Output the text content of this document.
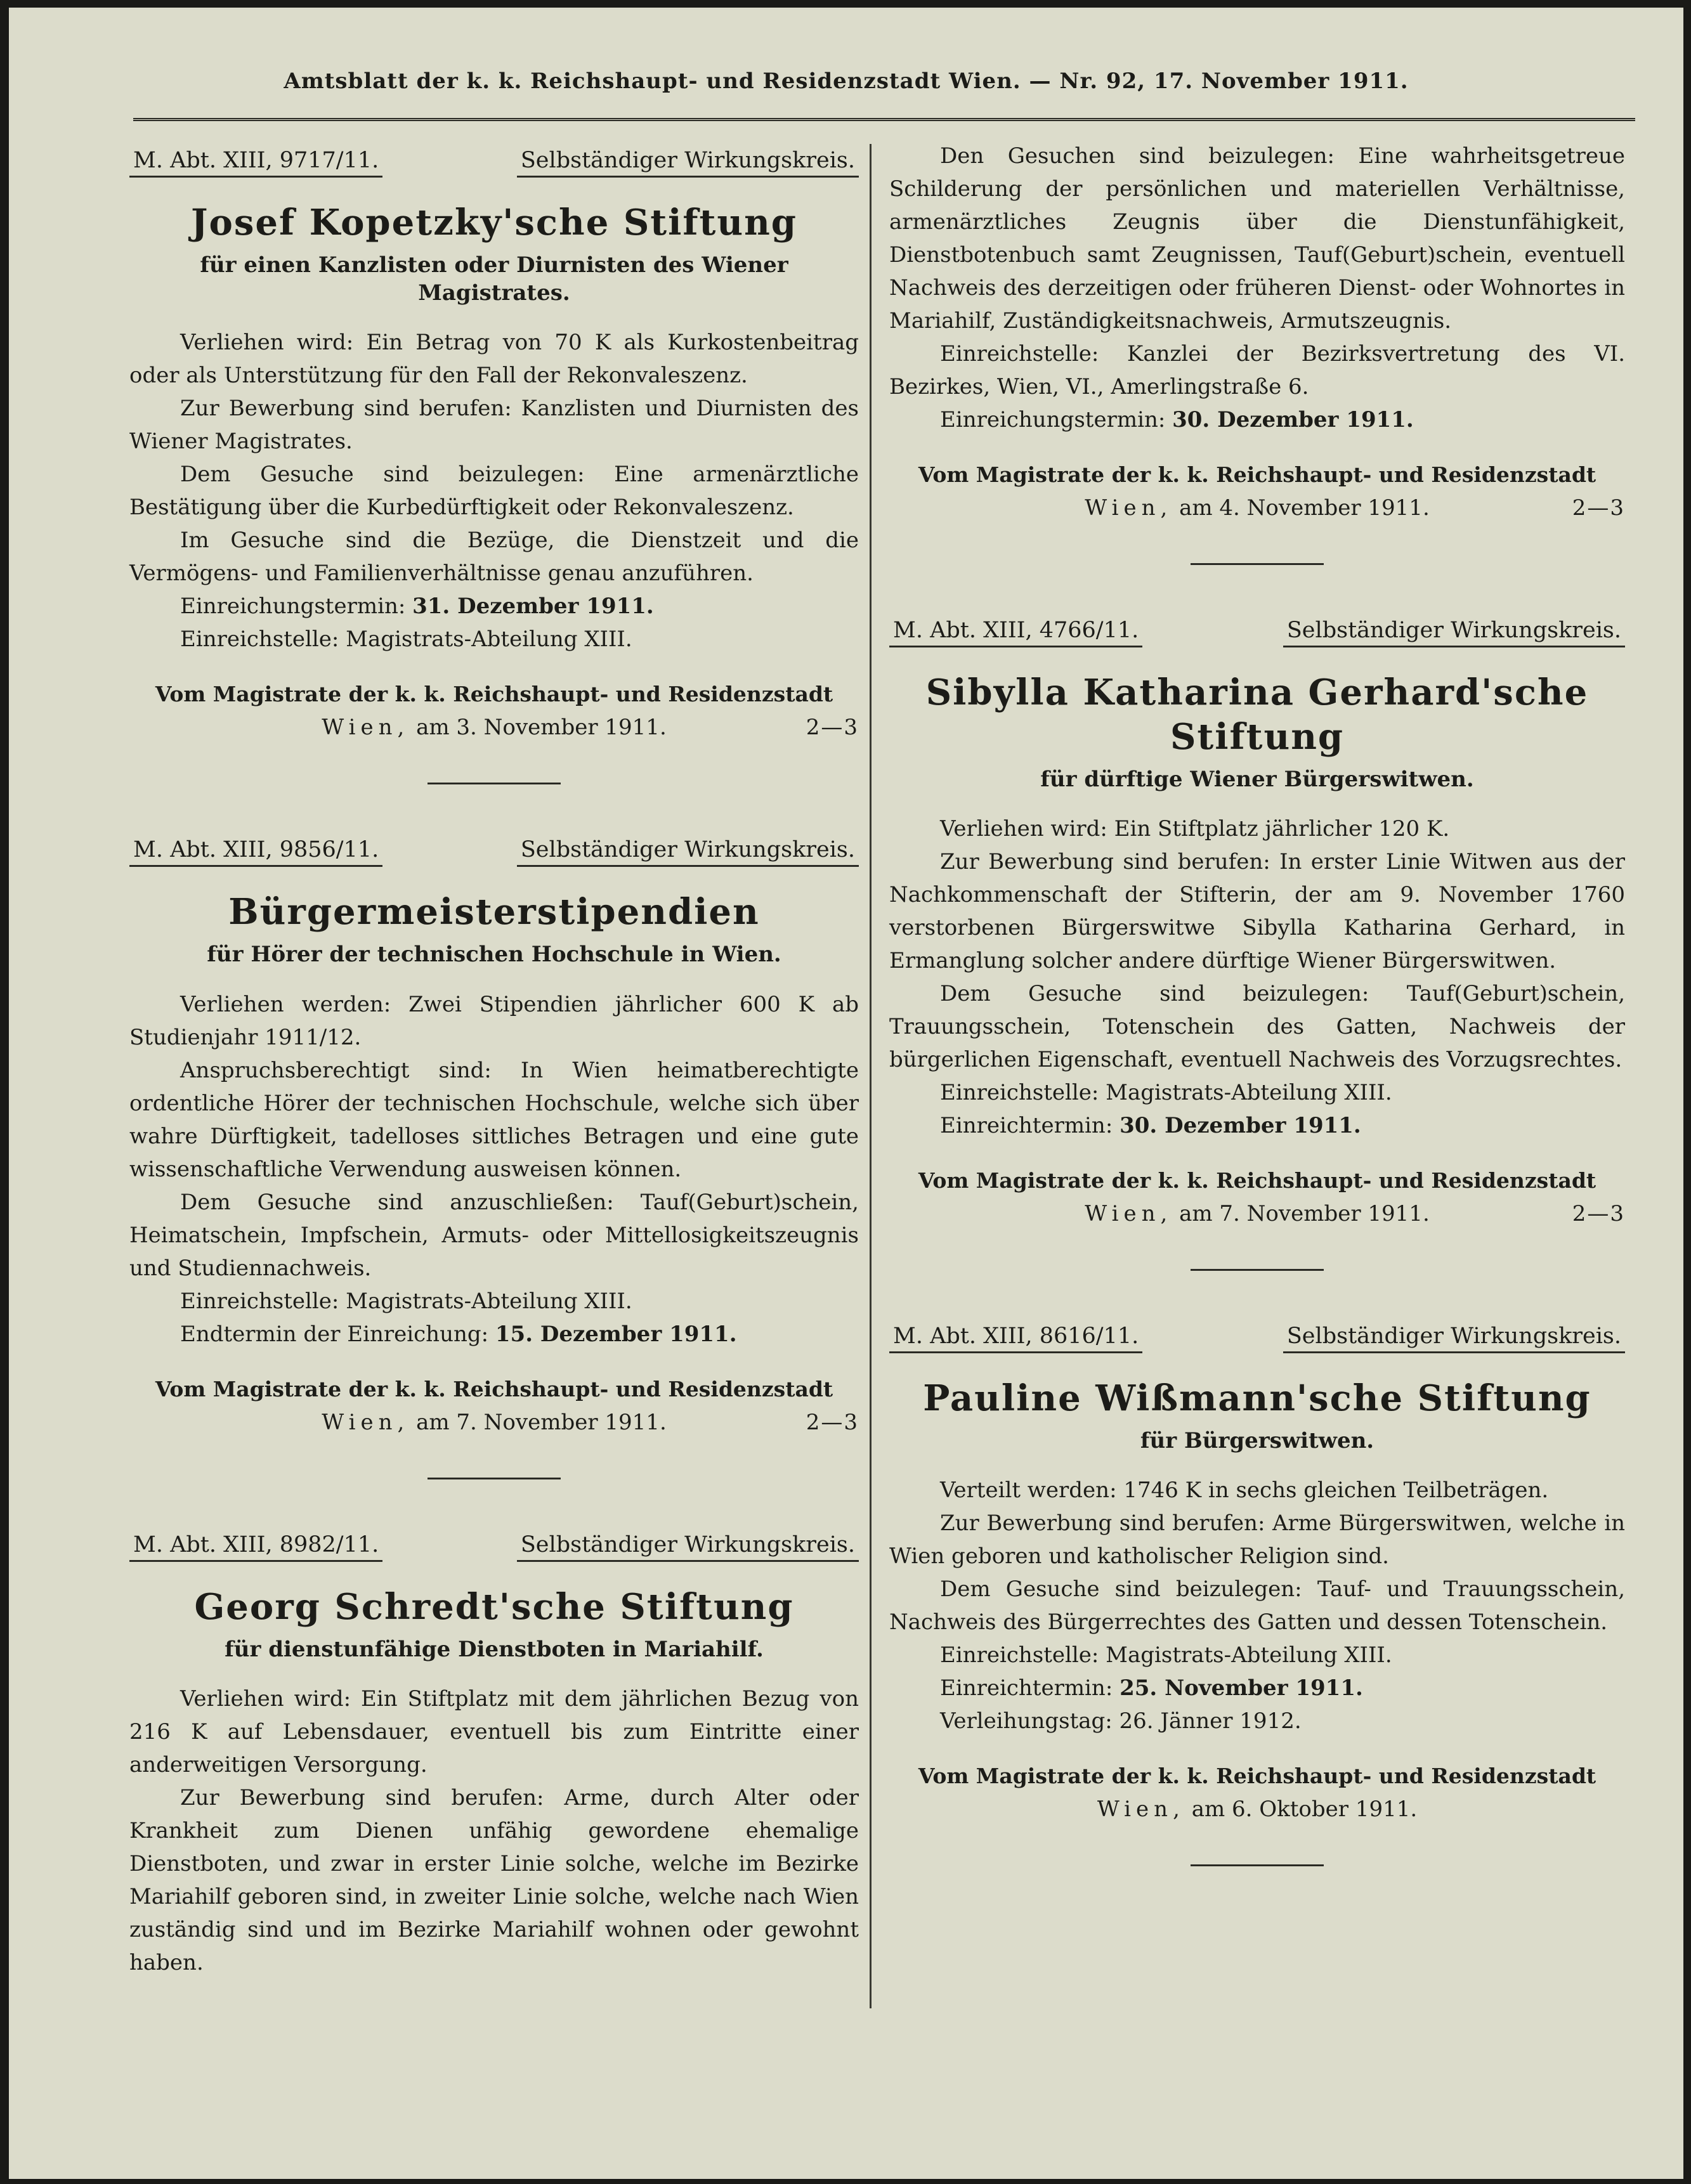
Amtsblatt der k. k. Reichshaupt- und Residenzstadt Wien. — Nr. 92, 17. November 1911.
M. Abt. XIII, 9717/11.	Selbständiger Wirkungskreis.
Josef Kopetzky'sche Stiftung
für einen Kanzlisten oder Diurnisten des Wiener Magistrates.

Verliehen wird: Ein Betrag von 70 K als Kurkostenbeitrag oder als Unterstützung für den Fall der Rekonvaleszenz.

Zur Bewerbung sind berufen: Kanzlisten und Diurnisten des Wiener Magistrates.

Dem Gesuche sind beizulegen: Eine armenärztliche Bestätigung über die Kurbedürftigkeit oder Rekonvaleszenz.

Im Gesuche sind die Bezüge, die Dienstzeit und die Vermögens- und Familienverhältnisse genau anzuführen.

Einreichungstermin: 31. Dezember 1911.

Einreichstelle: Magistrats-Abteilung XIII.

Vom Magistrate der k. k. Reichshaupt- und Residenzstadt
Wien, am 3. November 1911.	2—3
M. Abt. XIII, 9856/11.	Selbständiger Wirkungskreis.
Bürgermeisterstipendien
für Hörer der technischen Hochschule in Wien.

Verliehen werden: Zwei Stipendien jährlicher 600 K ab Studienjahr 1911/12.

Anspruchsberechtigt sind: In Wien heimatberechtigte ordentliche Hörer der technischen Hochschule, welche sich über wahre Dürftigkeit, tadelloses sittliches Betragen und eine gute wissenschaftliche Verwendung ausweisen können.

Dem Gesuche sind anzuschließen: Tauf(Geburt)schein, Heimatschein, Impfschein, Armuts- oder Mittellosigkeitszeugnis und Studiennachweis.

Einreichstelle: Magistrats-Abteilung XIII.

Endtermin der Einreichung: 15. Dezember 1911.

Vom Magistrate der k. k. Reichshaupt- und Residenzstadt
Wien, am 7. November 1911.	2—3
M. Abt. XIII, 8982/11.	Selbständiger Wirkungskreis.
Georg Schredt'sche Stiftung
für dienstunfähige Dienstboten in Mariahilf.

Verliehen wird: Ein Stiftplatz mit dem jährlichen Bezug von 216 K auf Lebensdauer, eventuell bis zum Eintritte einer anderweitigen Versorgung.

Zur Bewerbung sind berufen: Arme, durch Alter oder Krankheit zum Dienen unfähig gewordene ehemalige Dienstboten, und zwar in erster Linie solche, welche im Bezirke Mariahilf geboren sind, in zweiter Linie solche, welche nach Wien zuständig sind und im Bezirke Mariahilf wohnen oder gewohnt haben.

Den Gesuchen sind beizulegen: Eine wahrheitsgetreue Schilderung der persönlichen und materiellen Verhältnisse, armenärztliches Zeugnis über die Dienstunfähigkeit, Dienstbotenbuch samt Zeugnissen, Tauf(Geburt)schein, eventuell Nachweis des derzeitigen oder früheren Dienst- oder Wohnortes in Mariahilf, Zuständigkeitsnachweis, Armutszeugnis.

Einreichstelle: Kanzlei der Bezirksvertretung des VI. Bezirkes, Wien, VI., Amerlingstraße 6.

Einreichungstermin: 30. Dezember 1911.

Vom Magistrate der k. k. Reichshaupt- und Residenzstadt
Wien, am 4. November 1911.	2—3
M. Abt. XIII, 4766/11.	Selbständiger Wirkungskreis.
Sibylla Katharina Gerhard'sche Stiftung
für dürftige Wiener Bürgerswitwen.

Verliehen wird: Ein Stiftplatz jährlicher 120 K.

Zur Bewerbung sind berufen: In erster Linie Witwen aus der Nachkommenschaft der Stifterin, der am 9. November 1760 verstorbenen Bürgerswitwe Sibylla Katharina Gerhard, in Ermanglung solcher andere dürftige Wiener Bürgerswitwen.

Dem Gesuche sind beizulegen: Tauf(Geburt)schein, Trauungsschein, Totenschein des Gatten, Nachweis der bürgerlichen Eigenschaft, eventuell Nachweis des Vorzugsrechtes.

Einreichstelle: Magistrats-Abteilung XIII.

Einreichtermin: 30. Dezember 1911.

Vom Magistrate der k. k. Reichshaupt- und Residenzstadt
Wien, am 7. November 1911.	2—3
M. Abt. XIII, 8616/11.	Selbständiger Wirkungskreis.
Pauline Wißmann'sche Stiftung
für Bürgerswitwen.

Verteilt werden: 1746 K in sechs gleichen Teilbeträgen.

Zur Bewerbung sind berufen: Arme Bürgerswitwen, welche in Wien geboren und katholischer Religion sind.

Dem Gesuche sind beizulegen: Tauf- und Trauungsschein, Nachweis des Bürgerrechtes des Gatten und dessen Totenschein.

Einreichstelle: Magistrats-Abteilung XIII.

Einreichtermin: 25. November 1911.

Verleihungstag: 26. Jänner 1912.

Vom Magistrate der k. k. Reichshaupt- und Residenzstadt
Wien, am 6. Oktober 1911.
